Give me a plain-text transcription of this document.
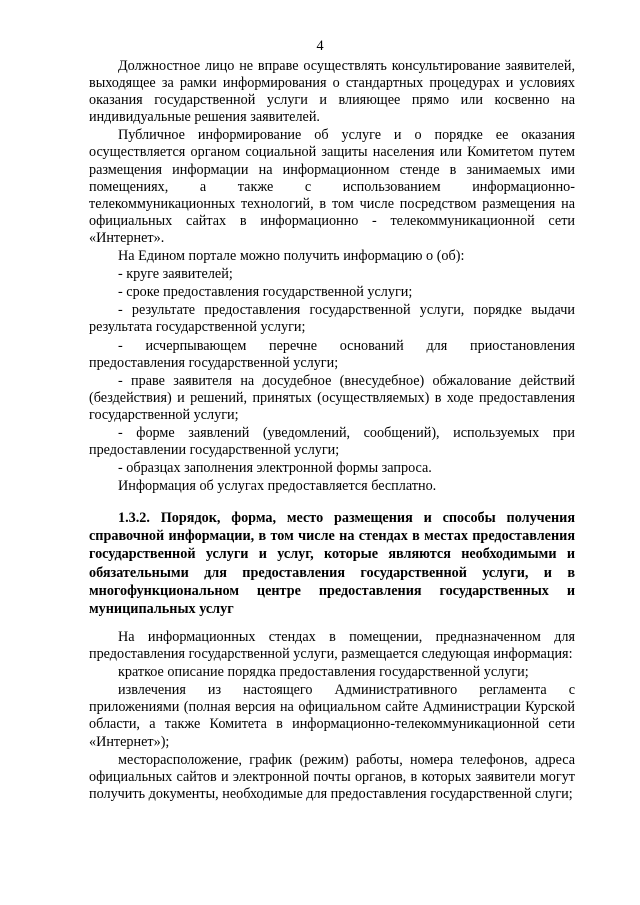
4

Должностное лицо не вправе осуществлять консультирование заявителей, выходящее за рамки информирования о стандартных процедурах и условиях оказания государственной услуги и влияющее прямо или косвенно на индивидуальные решения заявителей.

Публичное информирование об услуге и о порядке ее оказания осуществляется органом социальной защиты населения или Комитетом путем размещения информации на информационном стенде в занимаемых ими помещениях, а также с использованием информационно-телекоммуникационных технологий, в том числе посредством размещения на официальных сайтах в информационно - телекоммуникационной сети «Интернет».

На Едином портале можно получить информацию о (об):

- круге заявителей;

- сроке предоставления государственной услуги;

- результате предоставления государственной услуги, порядке выдачи результата государственной услуги;

- исчерпывающем перечне оснований для приостановления предоставления государственной услуги;

- праве заявителя на досудебное (внесудебное) обжалование действий (бездействия) и решений, принятых (осуществляемых) в ходе предоставления государственной услуги;

- форме заявлений (уведомлений, сообщений), используемых при предоставлении государственной услуги;

- образцах заполнения электронной формы запроса.

Информация об услугах предоставляется бесплатно.

1.3.2. Порядок, форма, место размещения и способы получения справочной информации, в том числе на стендах в местах предоставления государственной услуги и услуг, которые являются необходимыми и обязательными для предоставления государственной услуги, и в многофункциональном центре предоставления государственных и муниципальных услуг

На информационных стендах в помещении, предназначенном для предоставления государственной услуги, размещается следующая информация:

краткое описание порядка предоставления государственной услуги;

извлечения из настоящего Административного регламента с приложениями (полная версия на официальном сайте Администрации Курской области, а также Комитета в информационно-телекоммуникационной сети «Интернет»);

месторасположение, график (режим) работы, номера телефонов, адреса официальных сайтов и электронной почты органов, в которых заявители могут получить документы, необходимые для предоставления государственной слуги;
